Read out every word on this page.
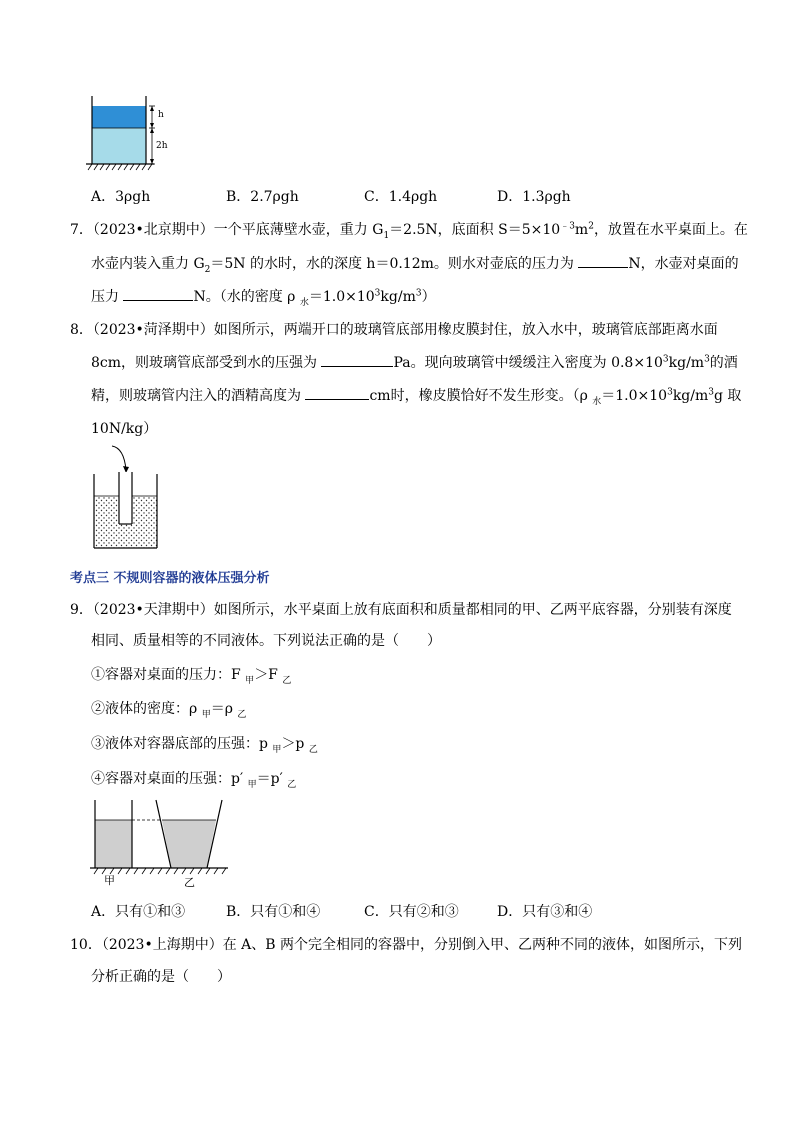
h
2h
A．3ρgh	B．2.7ρgh	C．1.4ρgh	D．1.3ρgh
7．（2023•北京期中）一个平底薄壁水壶，重力 $G_1=2.5N$，底面积 $S=5\times 10^{﹣3}m^2$，放置在水平桌面上。在
水壶内装入重力 $G_2=5N$ 的水时，水的深度 h＝0.12m。则水对壶底的压力为	N，水壶对桌面的
压力	N。（水的密度 ρ $_水=1.0\times 10^3kg/m^3$）
8．（2023•菏泽期中）如图所示，两端开口的玻璃管底部用橡皮膜封住，放入水中，玻璃管底部距离水面
8cm，则玻璃管底部受到水的压强为	Pa。现向玻璃管中缓缓注入密度为 $0.8\times 10^3kg/m^3$的酒
精，则玻璃管内注入的酒精高度为	cm时，橡皮膜恰好不发生形变。（ρ $_水=1.0\times 10^3kg/m^3g$ 取
10N/kg）
考点三 不规则容器的液体压强分析
9．（2023•天津期中）如图所示，水平桌面上放有底面积和质量都相同的甲、乙两平底容器，分别装有深度
相同、质量相等的不同液体。下列说法正确的是（　　）
①容器对桌面的压力：F $_甲$＞F $_乙$
②液体的密度：ρ $_甲$＝ρ $_乙$
③液体对容器底部的压强：p $_甲$＞p $_乙$
④容器对桌面的压强：p′ $_甲$＝p′ $_乙$
甲	乙
A．只有①和③	B．只有①和④	C．只有②和③	D．只有③和④
10．（2023•上海期中）在 A、B 两个完全相同的容器中，分别倒入甲、乙两种不同的液体，如图所示，下列
分析正确的是（　　）
